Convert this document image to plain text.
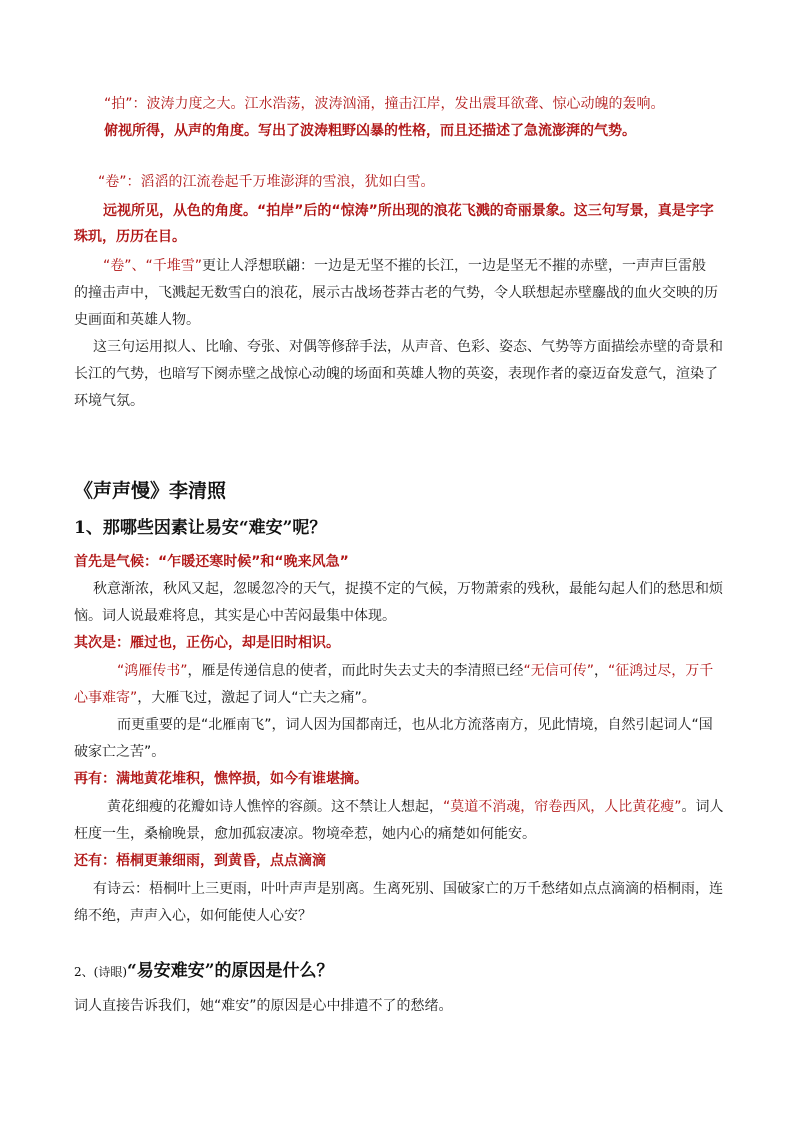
“拍”：波涛力度之大。江水浩荡，波涛汹涌，撞击江岸，发出震耳欲聋、惊心动魄的轰响。
俯视所得，从声的角度。写出了波涛粗野凶暴的性格，而且还描述了急流澎湃的气势。
“卷”：滔滔的江流卷起千万堆澎湃的雪浪，犹如白雪。
远视所见，从色的角度。“拍岸”后的“惊涛”所出现的浪花飞溅的奇丽景象。这三句写景，真是字字
珠玑，历历在目。
“卷”、“千堆雪”更让人浮想联翩：一边是无坚不摧的长江，一边是坚无不摧的赤壁，一声声巨雷般
的撞击声中，飞溅起无数雪白的浪花，展示古战场苍莽古老的气势，令人联想起赤壁鏖战的血火交映的历
史画面和英雄人物。
这三句运用拟人、比喻、夸张、对偶等修辞手法，从声音、色彩、姿态、气势等方面描绘赤壁的奇景和
长江的气势，也暗写下阕赤壁之战惊心动魄的场面和英雄人物的英姿，表现作者的豪迈奋发意气，渲染了
环境气氛。
《声声慢》李清照
1、那哪些因素让易安“难安”呢？
首先是气候：“乍暖还寒时候”和“晚来风急”
秋意渐浓，秋风又起，忽暖忽冷的天气，捉摸不定的气候，万物萧索的残秋，最能勾起人们的愁思和烦
恼。词人说最难将息，其实是心中苦闷最集中体现。
其次是：雁过也，正伤心，却是旧时相识。
“鸿雁传书”，雁是传递信息的使者，而此时失去丈夫的李清照已经“无信可传”，“征鸿过尽，万千
心事难寄”，大雁飞过，激起了词人“亡夫之痛”。
而更重要的是“北雁南飞”，词人因为国都南迁，也从北方流落南方，见此情境，自然引起词人“国
破家亡之苦”。
再有：满地黄花堆积，憔悴损，如今有谁堪摘。
黄花细瘦的花瓣如诗人憔悴的容颜。这不禁让人想起，“莫道不消魂，帘卷西风，人比黄花瘦”。词人
枉度一生，桑榆晚景，愈加孤寂凄凉。物境牵惹，她内心的痛楚如何能安。
还有：梧桐更兼细雨，到黄昏，点点滴滴
有诗云：梧桐叶上三更雨，叶叶声声是别离。生离死别、国破家亡的万千愁绪如点点滴滴的梧桐雨，连
绵不绝，声声入心，如何能使人心安？
2、(诗眼)“易安难安”的原因是什么？
词人直接告诉我们，她“难安”的原因是心中排遣不了的愁绪。
